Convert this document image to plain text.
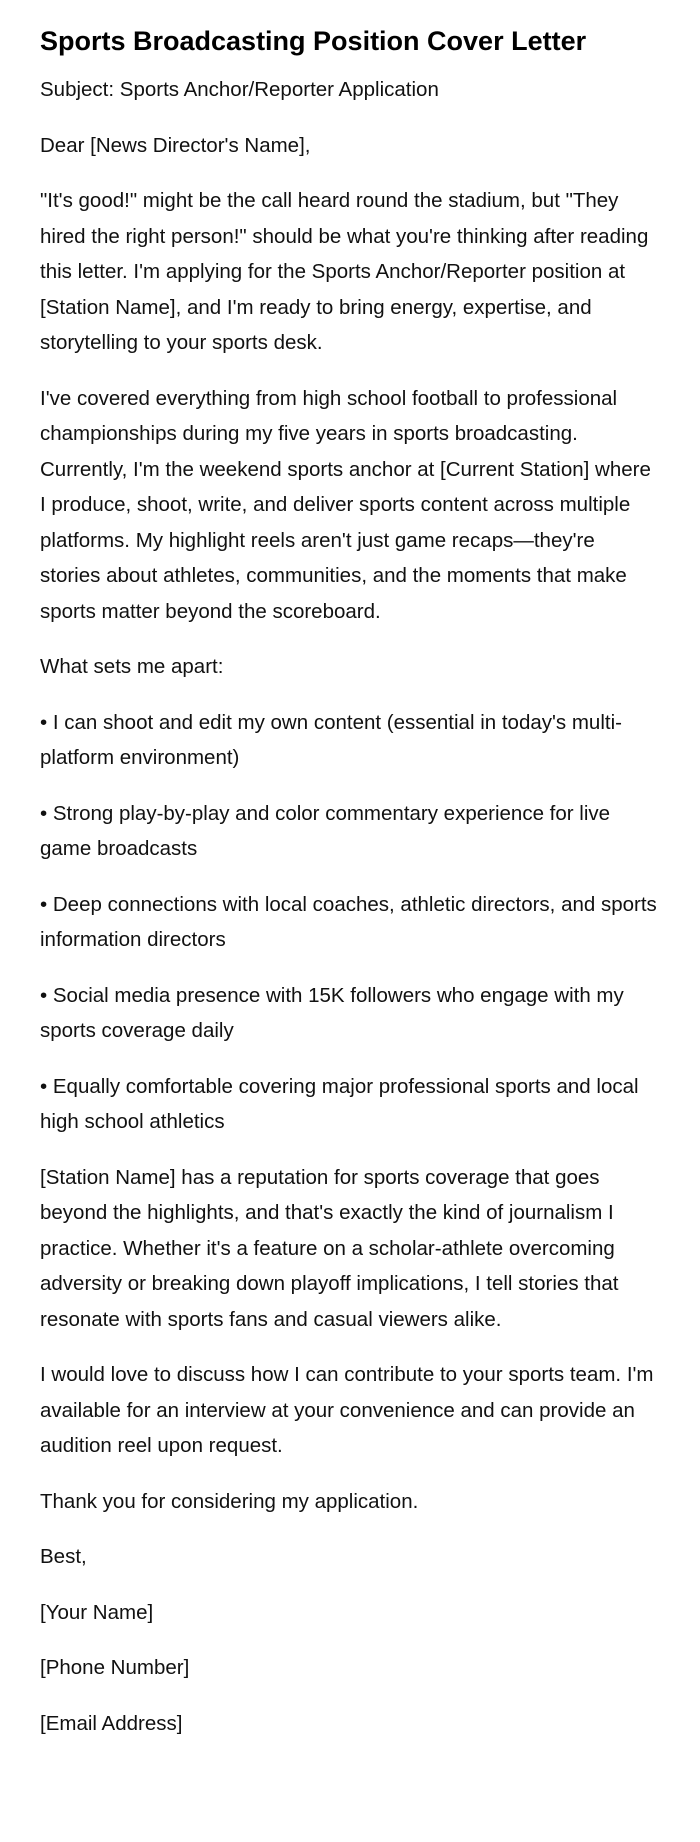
Sports Broadcasting Position Cover Letter

Subject: Sports Anchor/Reporter Application

Dear [News Director's Name],

"It's good!" might be the call heard round the stadium, but "They hired the right person!" should be what you're thinking after reading this letter. I'm applying for the Sports Anchor/Reporter position at [Station Name], and I'm ready to bring energy, expertise, and storytelling to your sports desk.

I've covered everything from high school football to professional championships during my five years in sports broadcasting. Currently, I'm the weekend sports anchor at [Current Station] where I produce, shoot, write, and deliver sports content across multiple platforms. My highlight reels aren't just game recaps—they're stories about athletes, communities, and the moments that make sports matter beyond the scoreboard.

What sets me apart:

• I can shoot and edit my own content (essential in today's multi-platform environment)
• Strong play-by-play and color commentary experience for live game broadcasts
• Deep connections with local coaches, athletic directors, and sports information directors
• Social media presence with 15K followers who engage with my sports coverage daily
• Equally comfortable covering major professional sports and local high school athletics

[Station Name] has a reputation for sports coverage that goes beyond the highlights, and that's exactly the kind of journalism I practice. Whether it's a feature on a scholar-athlete overcoming adversity or breaking down playoff implications, I tell stories that resonate with sports fans and casual viewers alike.

I would love to discuss how I can contribute to your sports team. I'm available for an interview at your convenience and can provide an audition reel upon request.

Thank you for considering my application.

Best,

[Your Name]

[Phone Number]

[Email Address]
